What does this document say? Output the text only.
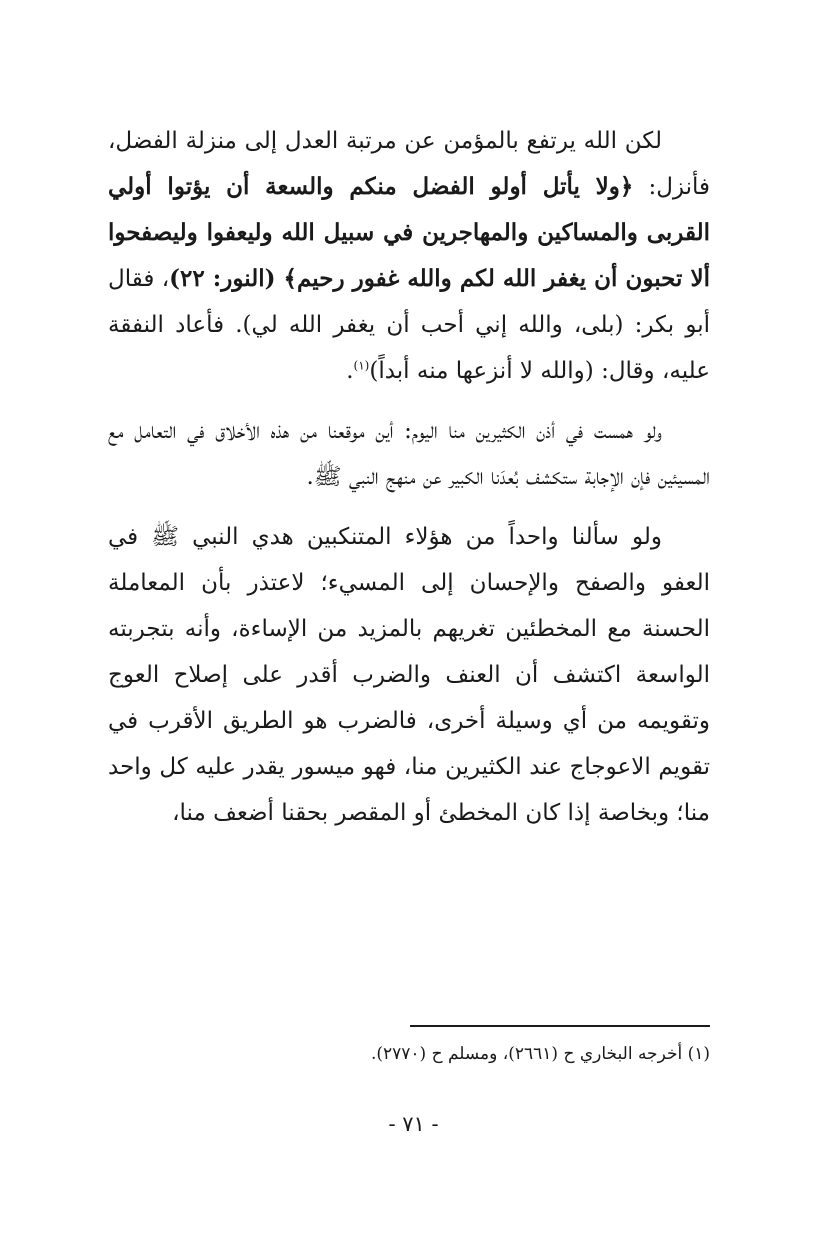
لكن الله يرتفع بالمؤمن عن مرتبة العدل إلى منزلة الفضل، فأنزل: ﴿ولا يأتل أولو الفضل منكم والسعة أن يؤتوا أولي القربى والمساكين والمهاجرين في سبيل الله وليعفوا وليصفحوا ألا تحبون أن يغفر الله لكم والله غفور رحيم﴾ (النور: ٢٢)، فقال أبو بكر: (بلى، والله إني أحب أن يغفر الله لي). فأعاد النفقة عليه، وقال: (والله لا أنزعها منه أبداً)$^{(١)}$.

ولو همست في أذن الكثيرين منا اليوم: أين موقعنا من هذه الأخلاق في التعامل مع المسيئين فإن الإجابة ستكشف بُعدَنا الكبير عن منهج النبي ﷺ.

ولو سألنا واحداً من هؤلاء المتنكبين هدي النبي ﷺ في العفو والصفح والإحسان إلى المسيء؛ لاعتذر بأن المعاملة الحسنة مع المخطئين تغريهم بالمزيد من الإساءة، وأنه بتجربته الواسعة اكتشف أن العنف والضرب أقدر على إصلاح العوج وتقويمه من أي وسيلة أخرى، فالضرب هو الطريق الأقرب في تقويم الاعوجاج عند الكثيرين منا، فهو ميسور يقدر عليه كل واحد منا؛ وبخاصة إذا كان المخطئ أو المقصر بحقنا أضعف منا،

(١) أخرجه البخاري ح (٢٦٦١)، ومسلم ح (٢٧٧٠).

- ٧١ -
